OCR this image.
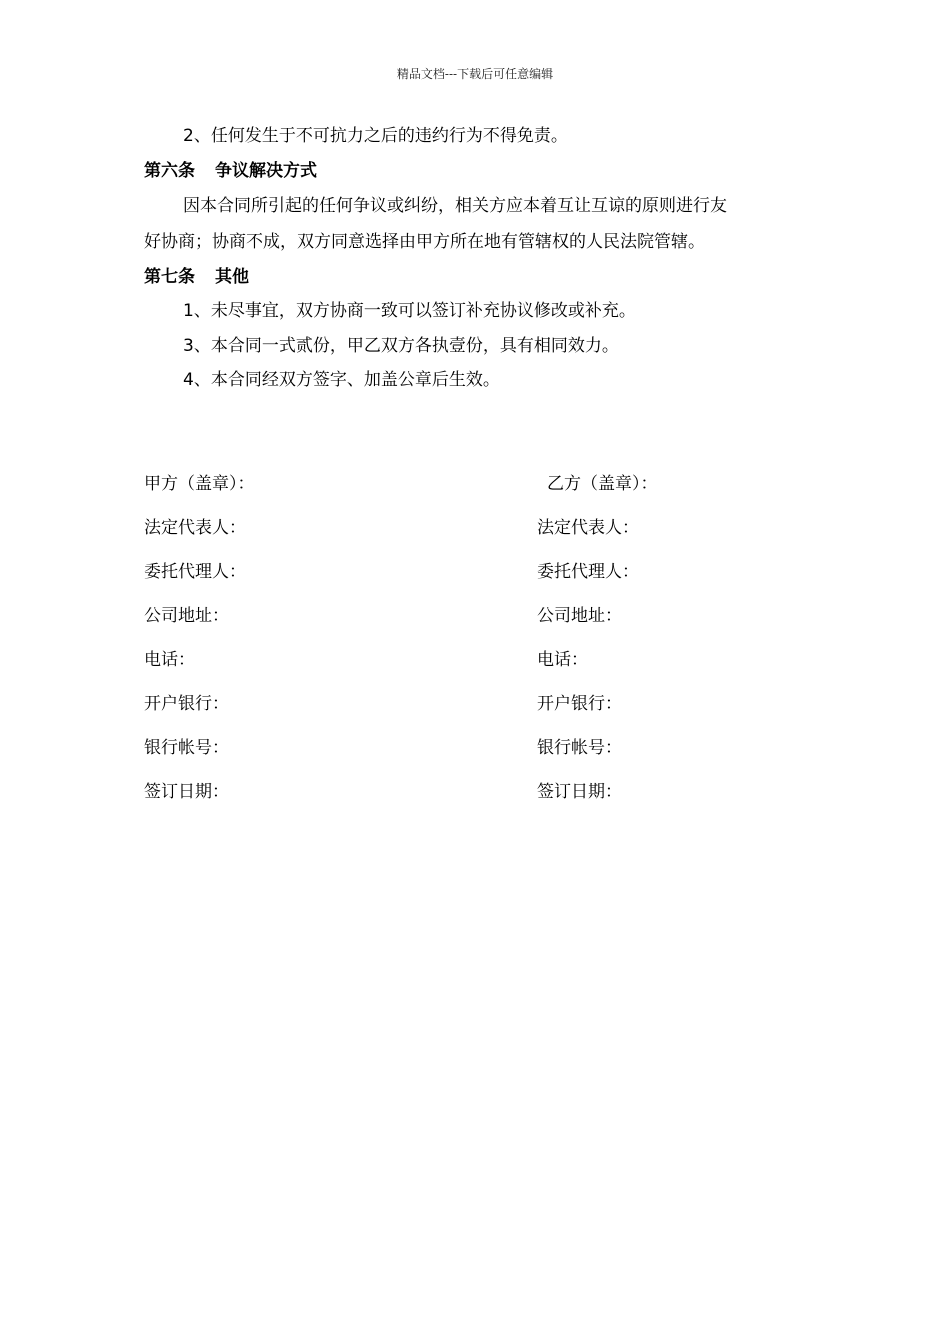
精品文档---下载后可任意编辑
2、任何发生于不可抗力之后的违约行为不得免责。
第六条 争议解决方式
因本合同所引起的任何争议或纠纷，相关方应本着互让互谅的原则进行友
好协商；协商不成，双方同意选择由甲方所在地有管辖权的人民法院管辖。
第七条 其他
1、未尽事宜，双方协商一致可以签订补充协议修改或补充。
3、本合同一式贰份，甲乙双方各执壹份，具有相同效力。
4、本合同经双方签字、加盖公章后生效。
甲方（盖章）：
法定代表人：
委托代理人：
公司地址：
电话：
开户银行：
银行帐号：
签订日期：
乙方（盖章）：
法定代表人：
委托代理人：
公司地址：
电话：
开户银行：
银行帐号：
签订日期：
